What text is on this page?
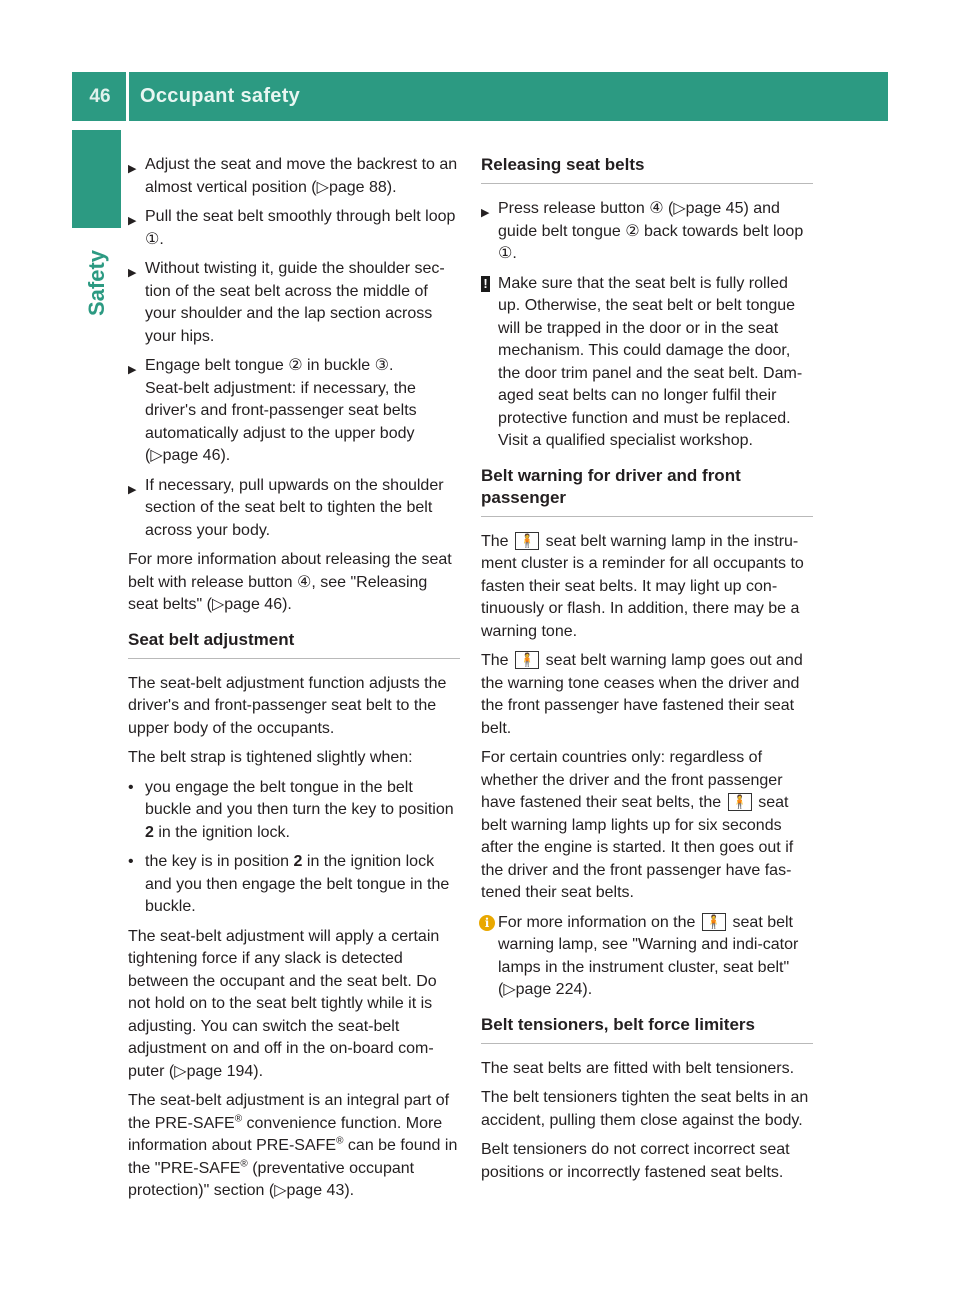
46	Occupant safety
Safety
▶ Adjust the seat and move the backrest to an almost vertical position (▷page 88).
▶ Pull the seat belt smoothly through belt loop ①.
▶ Without twisting it, guide the shoulder sec-tion of the seat belt across the middle of your shoulder and the lap section across your hips.
▶ Engage belt tongue ② in buckle ③.
Seat-belt adjustment: if necessary, the driver's and front-passenger seat belts automatically adjust to the upper body (▷page 46).
▶ If necessary, pull upwards on the shoulder section of the seat belt to tighten the belt across your body.

For more information about releasing the seat belt with release button ④, see "Releasing seat belts" (▷page 46).

Seat belt adjustment

The seat-belt adjustment function adjusts the driver's and front-passenger seat belt to the upper body of the occupants.

The belt strap is tightened slightly when:

• you engage the belt tongue in the belt buckle and you then turn the key to position 2 in the ignition lock.
• the key is in position 2 in the ignition lock and you then engage the belt tongue in the buckle.

The seat-belt adjustment will apply a certain tightening force if any slack is detected between the occupant and the seat belt. Do not hold on to the seat belt tightly while it is adjusting. You can switch the seat-belt adjustment on and off in the on-board com-puter (▷page 194).

The seat-belt adjustment is an integral part of the PRE-SAFE® convenience function. More information about PRE-SAFE® can be found in the "PRE-SAFE® (preventative occupant protection)" section (▷page 43).

Releasing seat belts
▶ Press release button ④ (▷page 45) and guide belt tongue ② back towards belt loop ①.
! Make sure that the seat belt is fully rolled up. Otherwise, the seat belt or belt tongue will be trapped in the door or in the seat mechanism. This could damage the door, the door trim panel and the seat belt. Dam-aged seat belts can no longer fulfil their protective function and must be replaced. Visit a qualified specialist workshop.
Belt warning for driver and front passenger

The 🧍 seat belt warning lamp in the instru-ment cluster is a reminder for all occupants to fasten their seat belts. It may light up con-tinuously or flash. In addition, there may be a warning tone.

The 🧍 seat belt warning lamp goes out and the warning tone ceases when the driver and the front passenger have fastened their seat belt.

For certain countries only: regardless of whether the driver and the front passenger have fastened their seat belts, the 🧍 seat belt warning lamp lights up for six seconds after the engine is started. It then goes out if the driver and the front passenger have fas-tened their seat belts.

i For more information on the 🧍 seat belt warning lamp, see "Warning and indi-cator lamps in the instrument cluster, seat belt" (▷page 224).
Belt tensioners, belt force limiters

The seat belts are fitted with belt tensioners.

The belt tensioners tighten the seat belts in an accident, pulling them close against the body.

Belt tensioners do not correct incorrect seat positions or incorrectly fastened seat belts.
